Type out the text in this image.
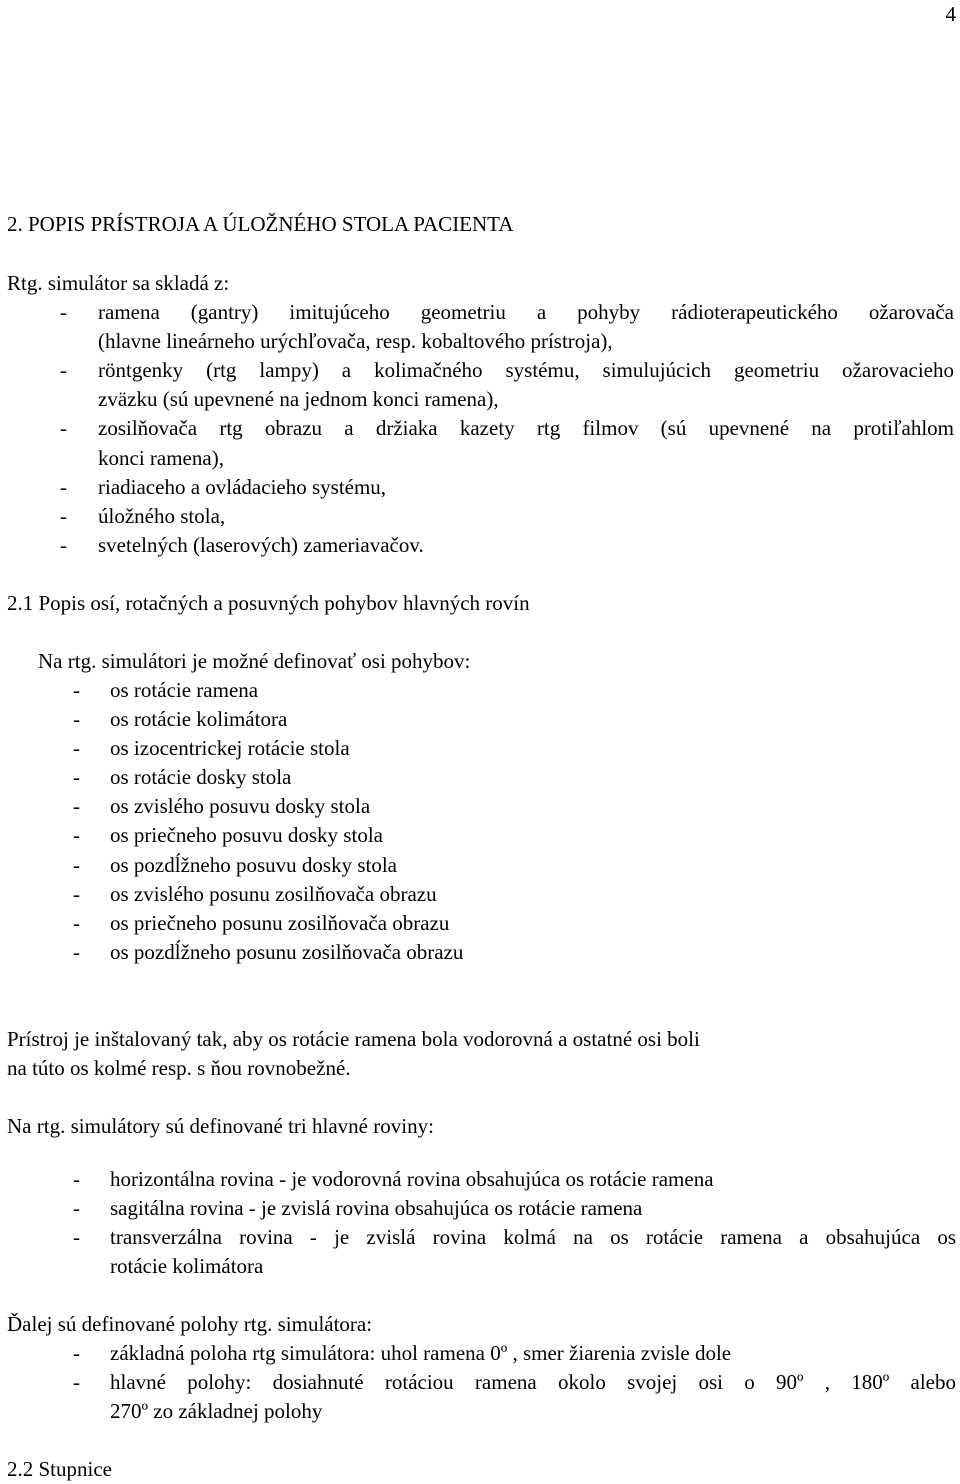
4
2. POPIS PRÍSTROJA A ÚLOŽNÉHO STOLA PACIENTA
Rtg. simulátor sa skladá z:
- ramena (gantry) imitujúceho geometriu a pohyby rádioterapeutického ožarovača
(hlavne lineárneho urýchľovača, resp. kobaltového prístroja),
- röntgenky (rtg lampy) a kolimačného systému, simulujúcich geometriu ožarovacieho
zväzku (sú upevnené na jednom konci ramena),
- zosilňovača rtg obrazu a držiaka kazety rtg filmov (sú upevnené na protiľahlom
konci ramena),
- riadiaceho a ovládacieho systému,
- úložného stola,
- svetelných (laserových) zameriavačov.
2.1 Popis osí, rotačných a posuvných pohybov hlavných rovín
Na rtg. simulátori je možné definovať osi pohybov:
- os rotácie ramena
- os rotácie kolimátora
- os izocentrickej rotácie stola
- os rotácie dosky stola
- os zvislého posuvu dosky stola
- os priečneho posuvu dosky stola
- os pozdĺžneho posuvu dosky stola
- os zvislého posunu zosilňovača obrazu
- os priečneho posunu zosilňovača obrazu
- os pozdĺžneho posunu zosilňovača obrazu
Prístroj je inštalovaný tak, aby os rotácie ramena bola vodorovná a ostatné osi boli
na túto os kolmé resp. s ňou rovnobežné.
Na rtg. simulátory sú definované tri hlavné roviny:
- horizontálna rovina - je vodorovná rovina obsahujúca os rotácie ramena
- sagitálna rovina - je zvislá rovina obsahujúca os rotácie ramena
- transverzálna rovina - je zvislá rovina kolmá na os rotácie ramena a obsahujúca os
rotácie kolimátora
Ďalej sú definované polohy rtg. simulátora:
- základná poloha rtg simulátora: uhol ramena 0º , smer žiarenia zvisle dole
- hlavné polohy: dosiahnuté rotáciou ramena okolo svojej osi o 90º , 180º alebo
270º zo základnej polohy
2.2 Stupnice
